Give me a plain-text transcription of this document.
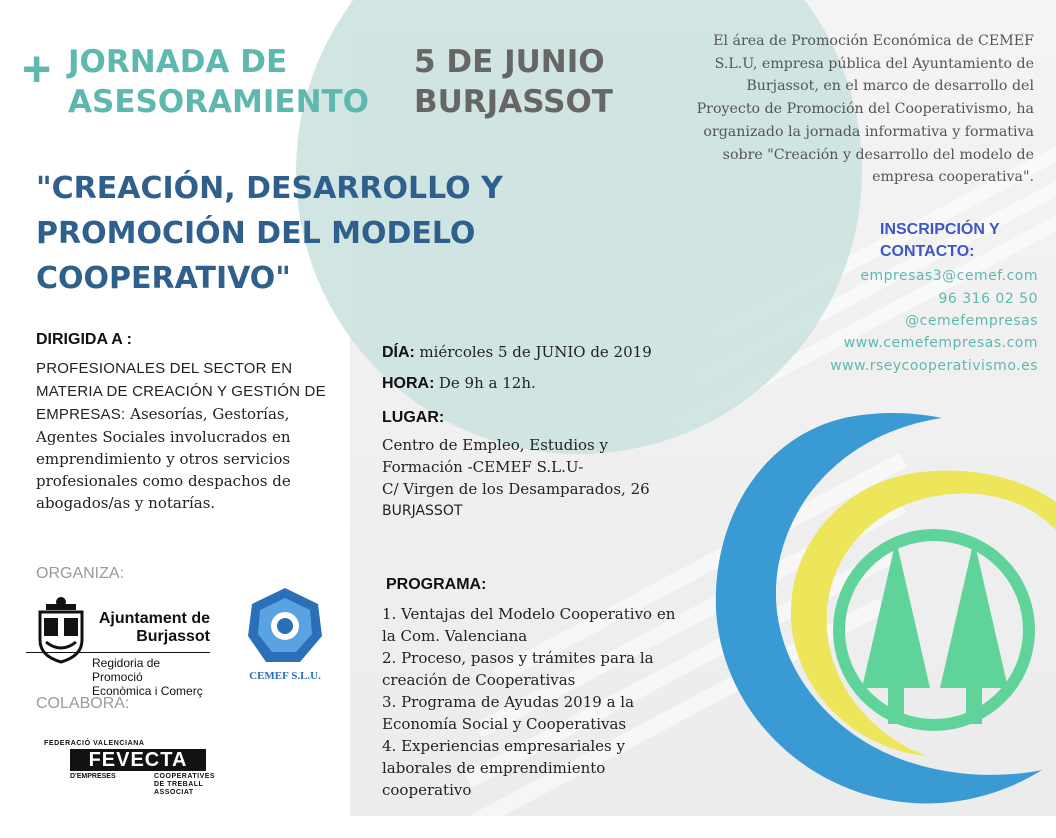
+ JORNADA DE
ASESORAMIENTO
5 DE JUNIO
BURJASSOT
"CREACIÓN, DESARROLLO Y
PROMOCIÓN DEL MODELO
COOPERATIVO"
El área de Promoción Económica de CEMEF S.L.U, empresa pública del Ayuntamiento de Burjassot, en el marco de desarrollo del Proyecto de Promoción del Cooperativismo, ha organizado la jornada informativa y formativa sobre "Creación y desarrollo del modelo de empresa cooperativa".
INSCRIPCIÓN Y
CONTACTO:
empresas3@cemef.com
96 316 02 50
@cemefempresas
www.cemefempresas.com
www.rseycooperativismo.es
DIRIGIDA A :
PROFESIONALES DEL SECTOR EN MATERIA DE CREACIÓN Y GESTIÓN DE EMPRESAS: Asesorías, Gestorías, Agentes Sociales involucrados en emprendimiento y otros servicios profesionales como despachos de abogados/as y notarías.
DÍA: miércoles 5 de JUNIO de 2019
HORA: De 9h a 12h.
LUGAR:
Centro de Empleo, Estudios y
Formación -CEMEF S.L.U-
C/ Virgen de los Desamparados, 26
BURJASSOT
PROGRAMA:
1. Ventajas del Modelo Cooperativo en la Com. Valenciana
2. Proceso, pasos y trámites para la creación de Cooperativas
3. Programa de Ayudas 2019 a la Economía Social y Cooperativas
4. Experiencias empresariales y laborales de emprendimiento cooperativo
ORGANIZA:
Ajuntament de
Burjassot
Regidoria de Promoció
Econòmica i Comerç
CEMEF S.L.U.
COLABORA:
FEDERACIÓ VALENCIANA
FEVECTA
D'EMPRESES	COOPERATIVES
DE TREBALL
ASSOCIAT
